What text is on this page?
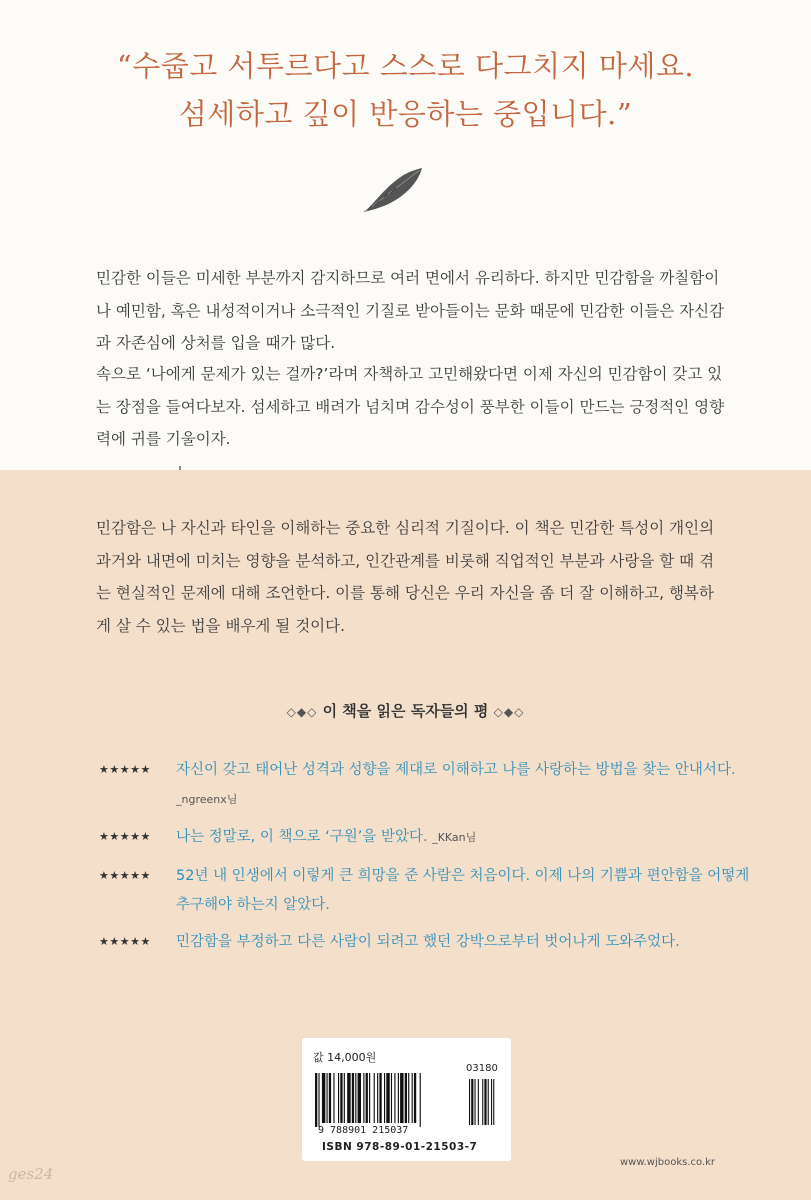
“수줍고 서투르다고 스스로 다그치지 마세요.
섬세하고 깊이 반응하는 중입니다.”

민감한 이들은 미세한 부분까지 감지하므로 여러 면에서 유리하다. 하지만 민감함을 까칠함이나 예민함, 혹은 내성적이거나 소극적인 기질로 받아들이는 문화 때문에 민감한 이들은 자신감과 자존심에 상처를 입을 때가 많다.

속으로 ‘나에게 문제가 있는 걸까?’라며 자책하고 고민해왔다면 이제 자신의 민감함이 갖고 있는 장점을 들여다보자. 섬세하고 배려가 넘치며 감수성이 풍부한 이들이 만드는 긍정적인 영향력에 귀를 기울이자.

민감함은 나 자신과 타인을 이해하는 중요한 심리적 기질이다. 이 책은 민감한 특성이 개인의 과거와 내면에 미치는 영향을 분석하고, 인간관계를 비롯해 직업적인 부분과 사랑을 할 때 겪는 현실적인 문제에 대해 조언한다. 이를 통해 당신은 우리 자신을 좀 더 잘 이해하고, 행복하게 살 수 있는 법을 배우게 될 것이다.

◇◆◇ 이 책을 읽은 독자들의 평 ◇◆◇
★★★★★ 자신이 갖고 태어난 성격과 성향을 제대로 이해하고 나를 사랑하는 방법을 찾는 안내서다. _ngreenx님

★★★★★ 나는 정말로, 이 책으로 ‘구원’을 받았다. _KKan님

★★★★★ 52년 내 인생에서 이렇게 큰 희망을 준 사람은 처음이다. 이제 나의 기쁨과 편안함을 어떻게 추구해야 하는지 알았다.

★★★★★ 민감함을 부정하고 다른 사람이 되려고 했던 강박으로부터 벗어나게 도와주었다.

값 14,000원
03180
9 788901 215037
ISBN 978-89-01-21503-7
www.wjbooks.co.kr
ges24
